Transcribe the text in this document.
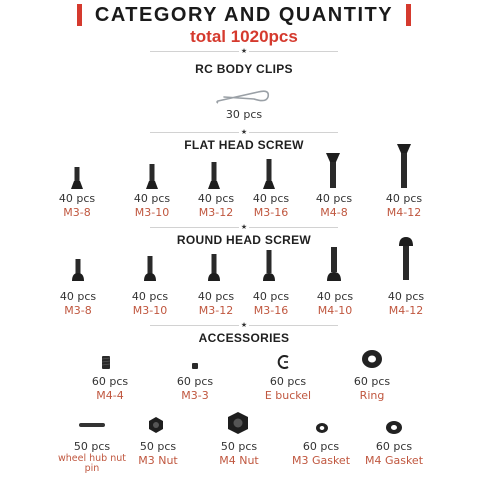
CATEGORY AND QUANTITY
total 1020pcs
★
RC BODY CLIPS
30 pcs
★
FLAT HEAD SCREW
40 pcs
M3-8
40 pcs
M3-10
40 pcs
M3-12
40 pcs
M3-16
40 pcs
M4-8
40 pcs
M4-12
★
ROUND HEAD SCREW
40 pcs
M3-8
40 pcs
M3-10
40 pcs
M3-12
40 pcs
M3-16
40 pcs
M4-10
40 pcs
M4-12
★
ACCESSORIES
60 pcs
M4-4
60 pcs
M3-3
60 pcs
E buckel
60 pcs
Ring
50 pcs
wheel hub nut pin
50 pcs
M3 Nut
50 pcs
M4 Nut
60 pcs
M3 Gasket
60 pcs
M4 Gasket
